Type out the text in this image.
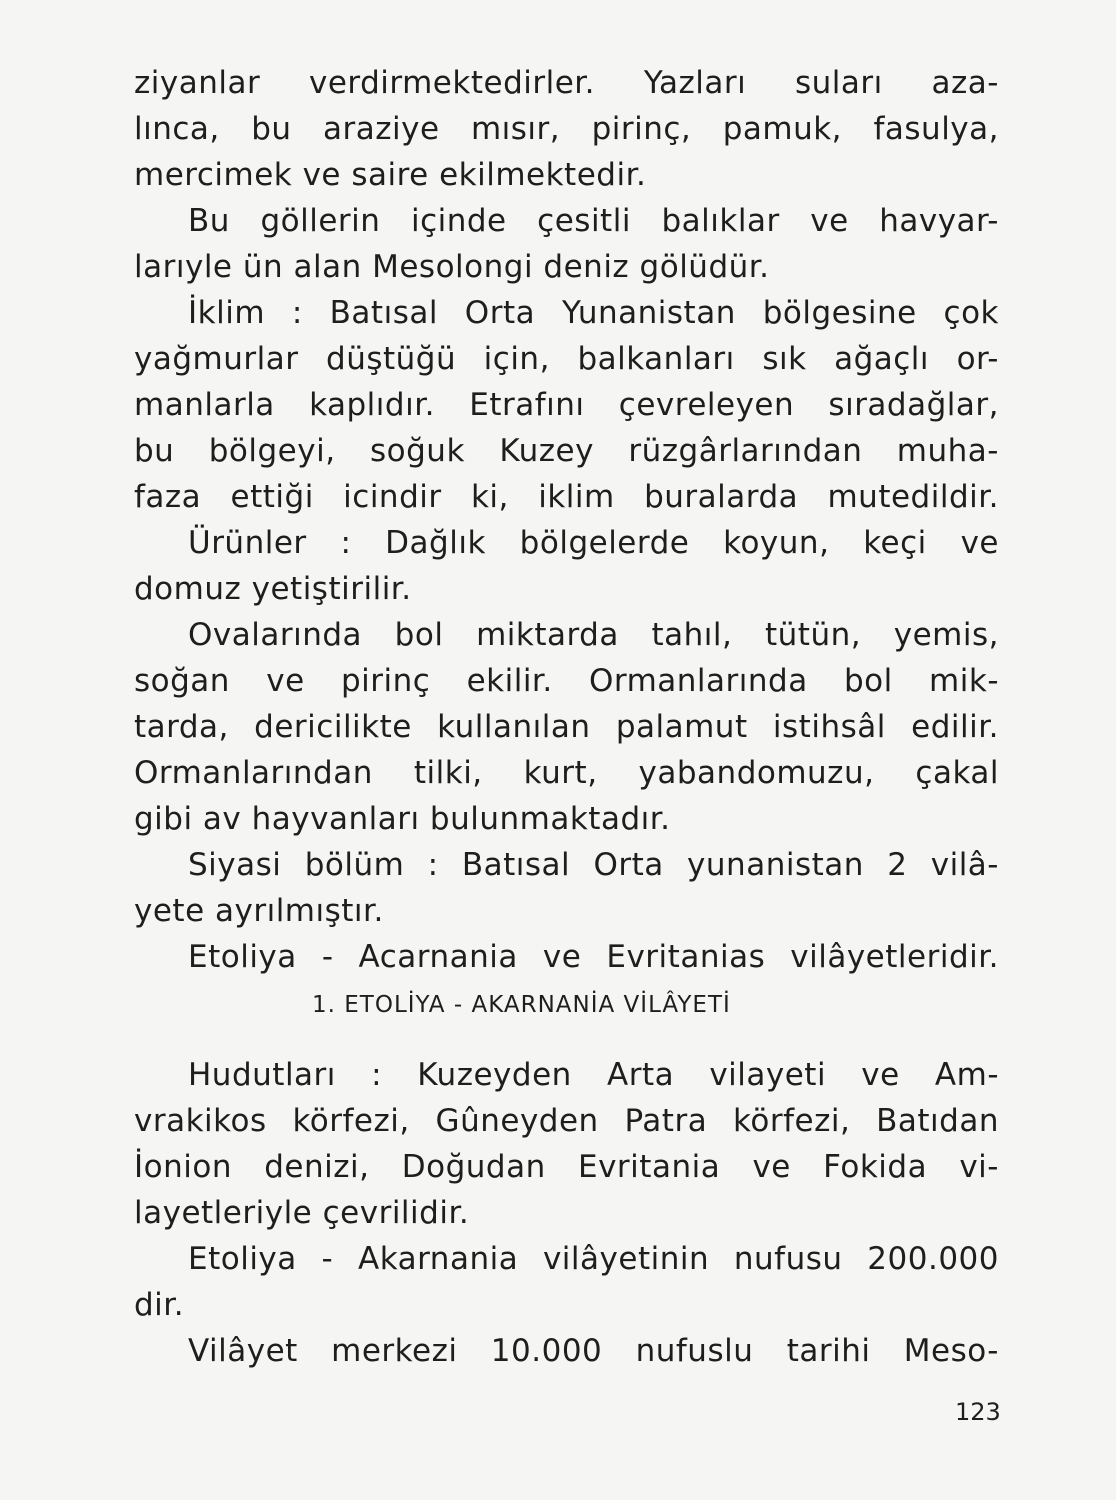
ziyanlar verdirmektedirler. Yazları suları aza-
lınca, bu araziye mısır, pirinç, pamuk, fasulya,
mercimek ve saire ekilmektedir.
Bu göllerin içinde çesitli balıklar ve havyar-
larıyle ün alan Mesolongi deniz gölüdür.
İklim : Batısal Orta Yunanistan bölgesine çok
yağmurlar düştüğü için, balkanları sık ağaçlı or-
manlarla kaplıdır. Etrafını çevreleyen sıradağlar,
bu bölgeyi, soğuk Kuzey rüzgârlarından muha-
faza ettiği icindir ki, iklim buralarda mutedildir.
Ürünler : Dağlık bölgelerde koyun, keçi ve
domuz yetiştirilir.
Ovalarında bol miktarda tahıl, tütün, yemis,
soğan ve pirinç ekilir. Ormanlarında bol mik-
tarda, dericilikte kullanılan palamut istihsâl edilir.
Ormanlarından tilki, kurt, yabandomuzu, çakal
gibi av hayvanları bulunmaktadır.
Siyasi bölüm : Batısal Orta yunanistan 2 vilâ-
yete ayrılmıştır.
Etoliya - Acarnania ve Evritanias vilâyetleridir.
1. ETOLİYA - AKARNANİA VİLÂYETİ
Hudutları : Kuzeyden Arta vilayeti ve Am-
vrakikos körfezi, Gûneyden Patra körfezi, Batıdan
İonion denizi, Doğudan Evritania ve Fokida vi-
layetleriyle çevrilidir.
Etoliya - Akarnania vilâyetinin nufusu 200.000
dir.
Vilâyet merkezi 10.000 nufuslu tarihi Meso-
123
